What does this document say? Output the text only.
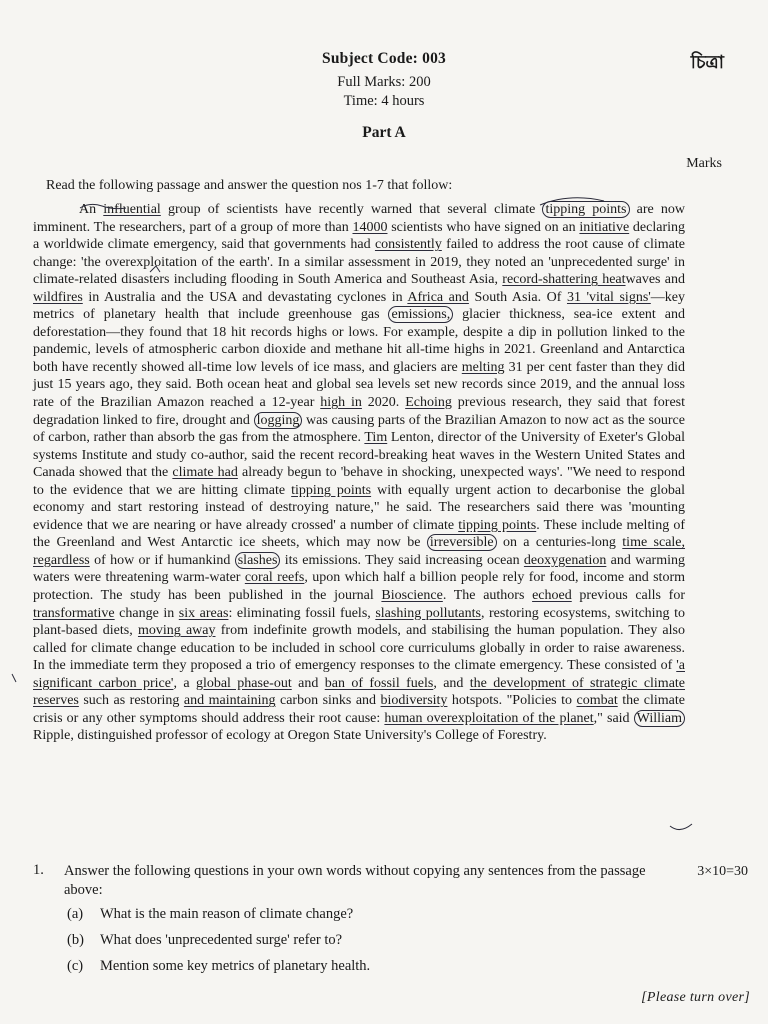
চিত্রা
Subject Code: 003
Full Marks: 200
Time: 4 hours
Part A
Marks
Read the following passage and answer the question nos 1-7 that follow:

An influential group of scientists have recently warned that several climate tipping points are now imminent. The researchers, part of a group of more than 14000 scientists who have signed on an initiative declaring a worldwide climate emergency, said that governments had consistently failed to address the root cause of climate change: 'the overexploitation of the earth'. In a similar assessment in 2019, they noted an 'unprecedented surge' in climate-related disasters including flooding in South America and Southeast Asia, record-shattering heatwaves and wildfires in Australia and the USA and devastating cyclones in Africa and South Asia. Of 31 'vital signs'—key metrics of planetary health that include greenhouse gas emissions, glacier thickness, sea-ice extent and deforestation—they found that 18 hit records highs or lows. For example, despite a dip in pollution linked to the pandemic, levels of atmospheric carbon dioxide and methane hit all-time highs in 2021. Greenland and Antarctica both have recently showed all-time low levels of ice mass, and glaciers are melting 31 per cent faster than they did just 15 years ago, they said. Both ocean heat and global sea levels set new records since 2019, and the annual loss rate of the Brazilian Amazon reached a 12-year high in 2020. Echoing previous research, they said that forest degradation linked to fire, drought and logging was causing parts of the Brazilian Amazon to now act as the source of carbon, rather than absorb the gas from the atmosphere. Tim Lenton, director of the University of Exeter's Global systems Institute and study co-author, said the recent record-breaking heat waves in the Western United States and Canada showed that the climate had already begun to 'behave in shocking, unexpected ways'. "We need to respond to the evidence that we are hitting climate tipping points with equally urgent action to decarbonise the global economy and start restoring instead of destroying nature," he said. The researchers said there was 'mounting evidence that we are nearing or have already crossed' a number of climate tipping points. These include melting of the Greenland and West Antarctic ice sheets, which may now be irreversible on a centuries-long time scale, regardless of how or if humankind slashes its emissions. They said increasing ocean deoxygenation and warming waters were threatening warm-water coral reefs, upon which half a billion people rely for food, income and storm protection. The study has been published in the journal Bioscience. The authors echoed previous calls for transformative change in six areas: eliminating fossil fuels, slashing pollutants, restoring ecosystems, switching to plant-based diets, moving away from indefinite growth models, and stabilising the human population. They also called for climate change education to be included in school core curriculums globally in order to raise awareness. In the immediate term they proposed a trio of emergency responses to the climate emergency. These consisted of 'a significant carbon price', a global phase-out and ban of fossil fuels, and the development of strategic climate reserves such as restoring and maintaining carbon sinks and biodiversity hotspots. "Policies to combat the climate crisis or any other symptoms should address their root cause: human overexploitation of the planet," said William Ripple, distinguished professor of ecology at Oregon State University's College of Forestry.

1. Answer the following questions in your own words without copying any sentences from the passage above:
3×10=30
(a) What is the main reason of climate change?
(b) What does 'unprecedented surge' refer to?
(c) Mention some key metrics of planetary health.
[Please turn over]
